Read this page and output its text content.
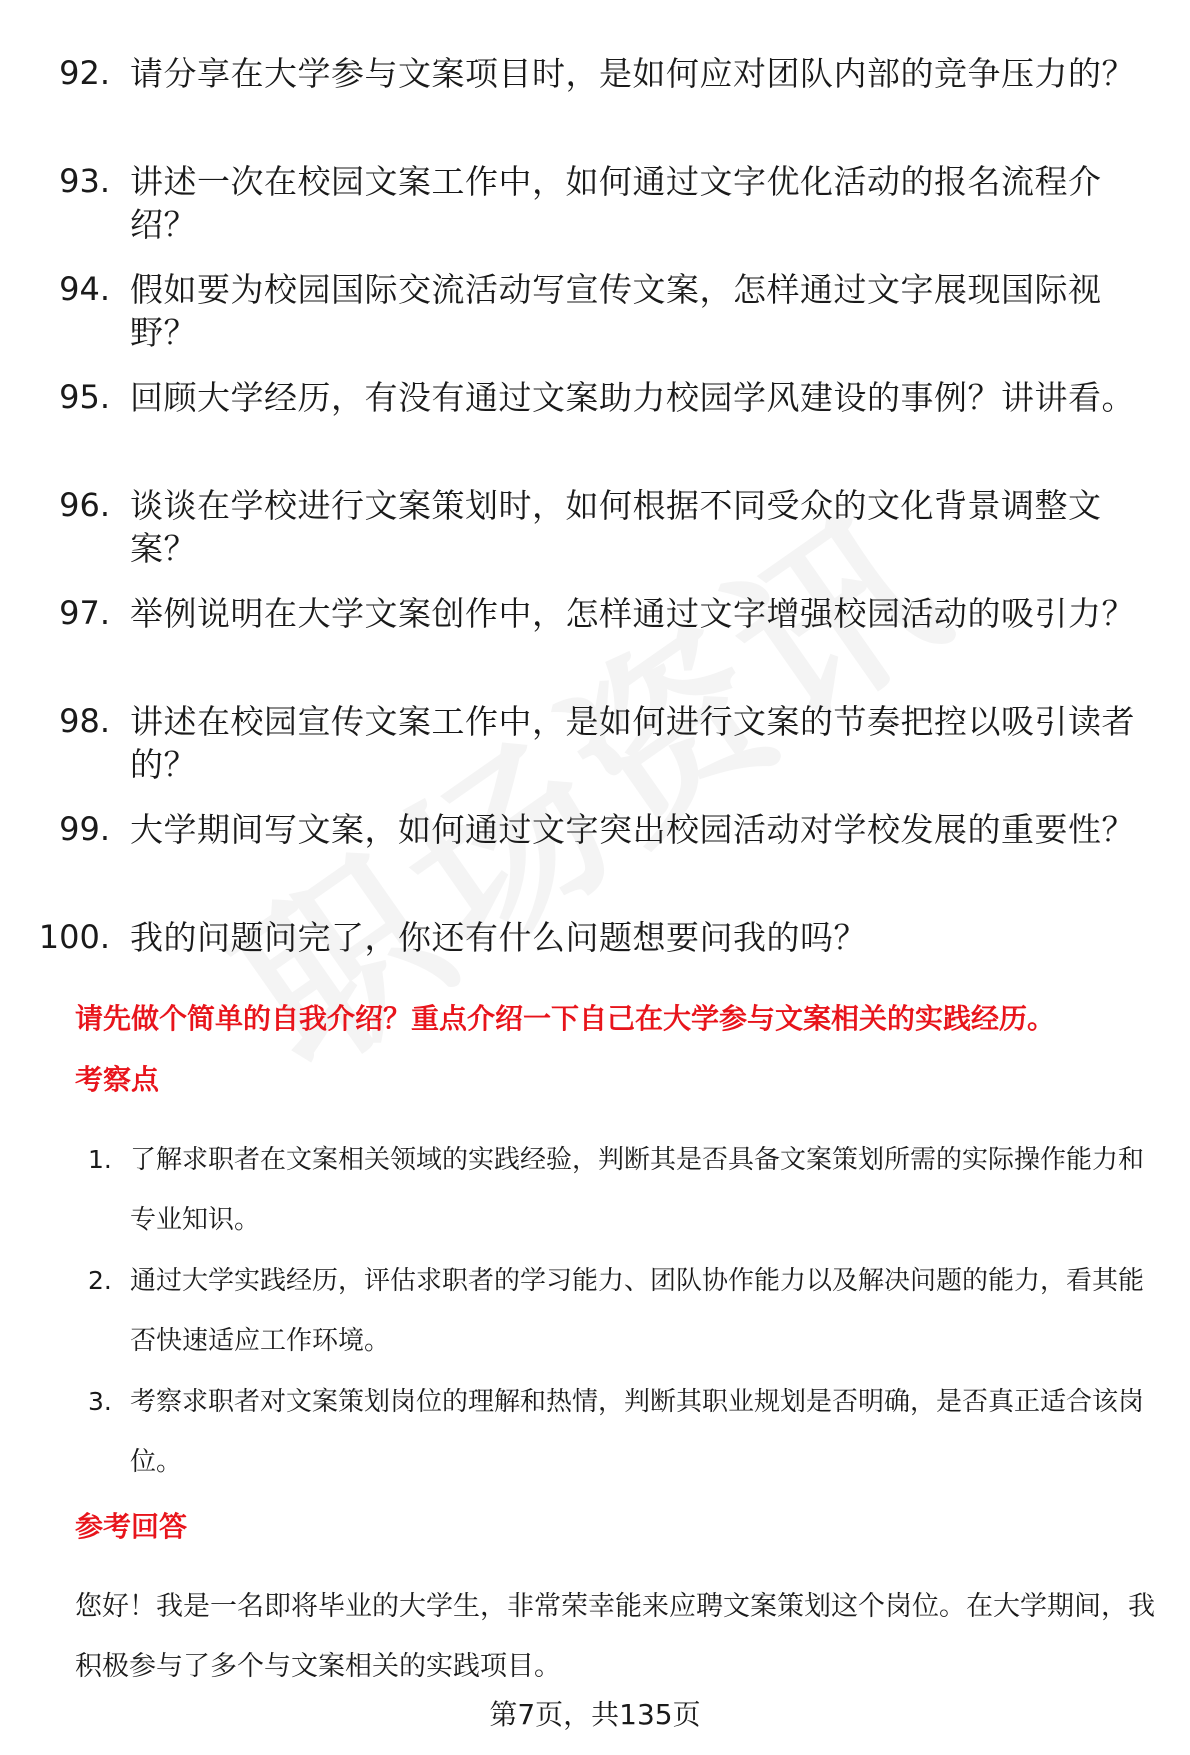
92. 请分享在大学参与文案项目时，是如何应对团队内部的竞争压力的？
93. 讲述一次在校园文案工作中，如何通过文字优化活动的报名流程介绍？
94. 假如要为校园国际交流活动写宣传文案，怎样通过文字展现国际视野？
95. 回顾大学经历，有没有通过文案助力校园学风建设的事例？讲讲看。
96. 谈谈在学校进行文案策划时，如何根据不同受众的文化背景调整文案？
97. 举例说明在大学文案创作中，怎样通过文字增强校园活动的吸引力？
98. 讲述在校园宣传文案工作中，是如何进行文案的节奏把控以吸引读者的？
99. 大学期间写文案，如何通过文字突出校园活动对学校发展的重要性？
100. 我的问题问完了，你还有什么问题想要问我的吗？
请先做个简单的自我介绍？重点介绍一下自己在大学参与文案相关的实践经历。
考察点
1. 了解求职者在文案相关领域的实践经验，判断其是否具备文案策划所需的实际操作能力和专业知识。
2. 通过大学实践经历，评估求职者的学习能力、团队协作能力以及解决问题的能力，看其能否快速适应工作环境。
3. 考察求职者对文案策划岗位的理解和热情，判断其职业规划是否明确，是否真正适合该岗位。
参考回答
您好！我是一名即将毕业的大学生，非常荣幸能来应聘文案策划这个岗位。在大学期间，我积极参与了多个与文案相关的实践项目。
第7页，共135页
